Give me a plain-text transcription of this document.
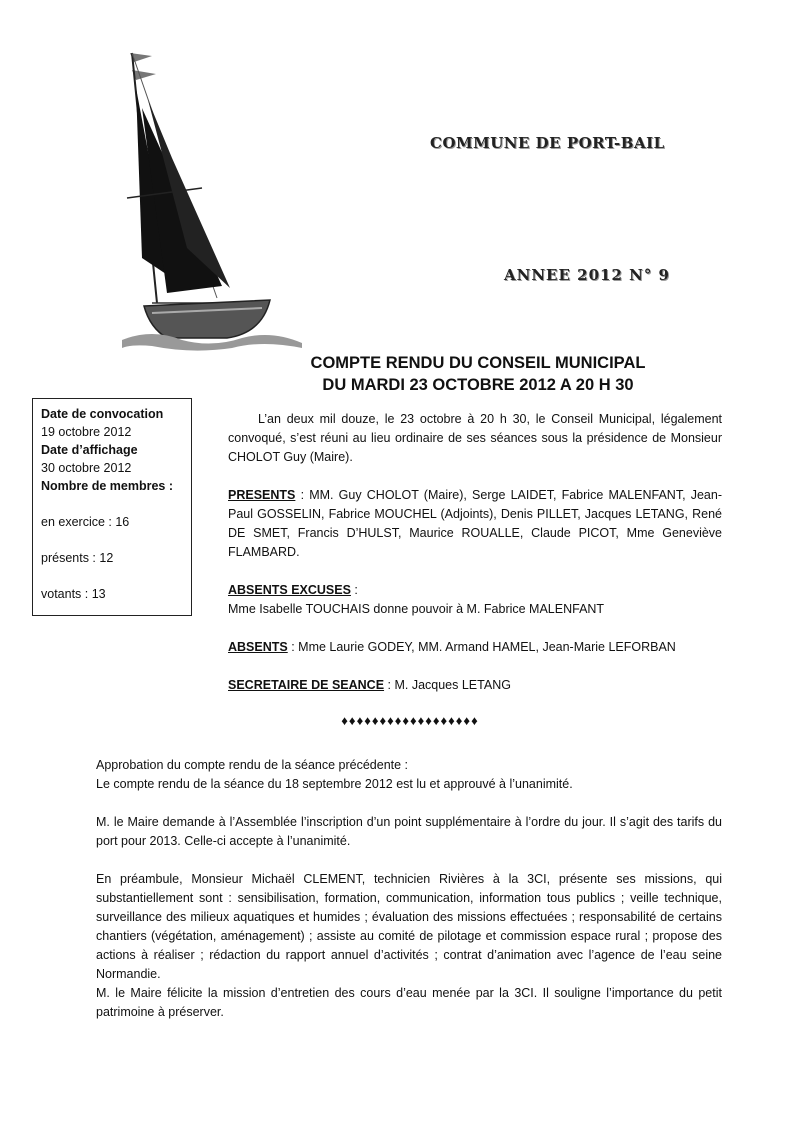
COMMUNE DE PORT-BAIL
ANNEE 2012 N° 9
COMPTE RENDU DU CONSEIL MUNICIPAL
DU MARDI 23 OCTOBRE 2012 A 20 H 30
Date de convocation
19 octobre 2012
Date d’affichage
30 octobre 2012
Nombre de membres :
en exercice : 16
présents : 12
votants : 13

L’an deux mil douze, le 23 octobre à 20 h 30, le Conseil Municipal, légalement convoqué, s’est réuni au lieu ordinaire de ses séances sous la présidence de Monsieur CHOLOT Guy (Maire).

PRESENTS : MM. Guy CHOLOT (Maire), Serge LAIDET, Fabrice MALENFANT, Jean-Paul GOSSELIN, Fabrice MOUCHEL (Adjoints), Denis PILLET, Jacques LETANG, René DE SMET, Francis D’HULST, Maurice ROUALLE, Claude PICOT, Mme Geneviève FLAMBARD.

ABSENTS EXCUSES :
Mme Isabelle TOUCHAIS donne pouvoir à M. Fabrice MALENFANT

ABSENTS : Mme Laurie GODEY, MM. Armand HAMEL, Jean-Marie LEFORBAN

SECRETAIRE DE SEANCE : M. Jacques LETANG

♦♦♦♦♦♦♦♦♦♦♦♦♦♦♦♦♦♦

Approbation du compte rendu de la séance précédente :

Le compte rendu de la séance du 18 septembre 2012 est lu et approuvé à l’unanimité.

M. le Maire demande à l’Assemblée l’inscription d’un point supplémentaire à l’ordre du jour. Il s’agit des tarifs du port pour 2013. Celle-ci accepte à l’unanimité.

En préambule, Monsieur Michaël CLEMENT, technicien Rivières à la 3CI, présente ses missions, qui substantiellement sont : sensibilisation, formation, communication, information tous publics ; veille technique, surveillance des milieux aquatiques et humides ; évaluation des missions effectuées ; responsabilité de certains chantiers (végétation, aménagement) ; assiste au comité de pilotage et commission espace rural ; propose des actions à réaliser ; rédaction du rapport annuel d’activités ; contrat d’animation avec l’agence de l’eau seine Normandie.

M. le Maire félicite la mission d’entretien des cours d’eau menée par la 3CI. Il souligne l’importance du petit patrimoine à préserver.
